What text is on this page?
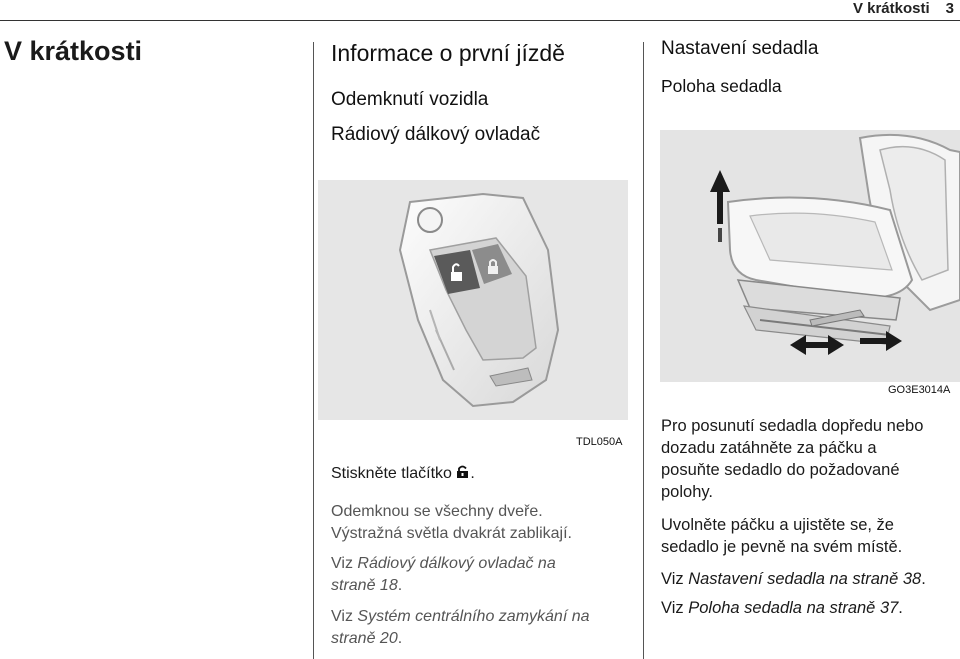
V krátkosti 3
V krátkosti	Informace o první jízdě
Odemknutí vozidla
Rádiový dálkový ovladač
TDL050A
Stiskněte tlačítko .
Odemknou se všechny dveře.
Výstražná světla dvakrát zablikají.
Viz Rádiový dálkový ovladač na
straně 18.
Viz Systém centrálního zamykání na
straně 20.
Nastavení sedadla
Poloha sedadla
GO3E3014A
Pro posunutí sedadla dopředu nebo
dozadu zatáhněte za páčku a
posuňte sedadlo do požadované
polohy.
Uvolněte páčku a ujistěte se, že
sedadlo je pevně na svém místě.
Viz Nastavení sedadla na straně 38.
Viz Poloha sedadla na straně 37.
